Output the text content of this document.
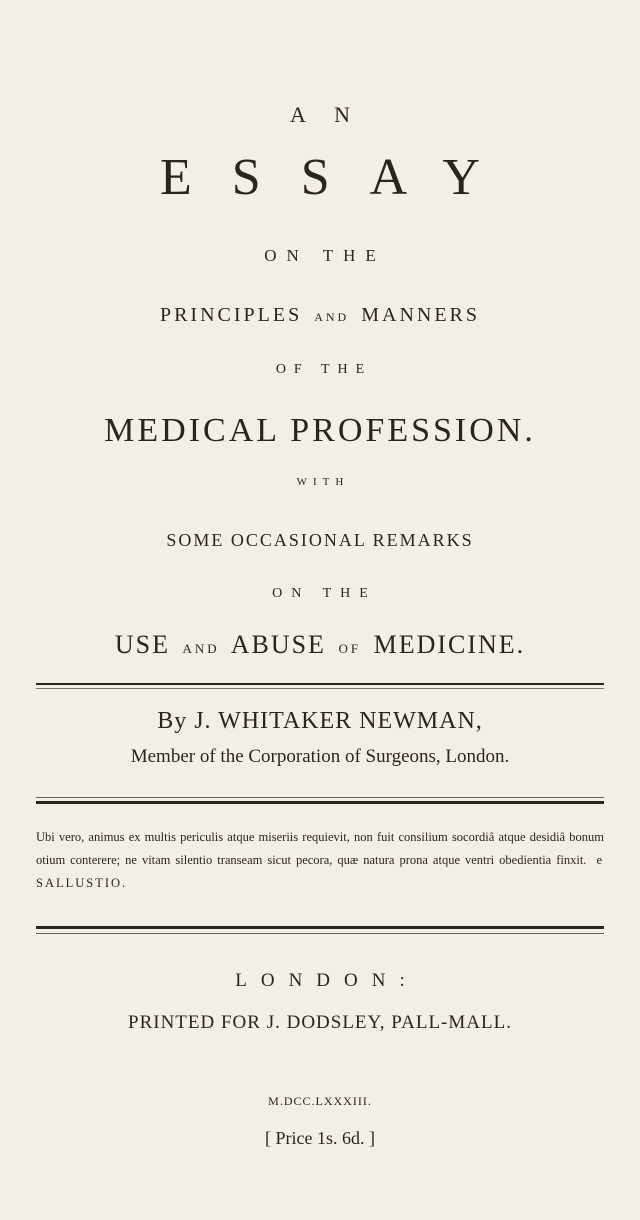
A N
ESSAY
ON THE
PRINCIPLES AND MANNERS
OF THE
MEDICAL PROFESSION.
WITH
SOME OCCASIONAL REMARKS
ON THE
USE AND ABUSE OF MEDICINE.
By J. WHITAKER NEWMAN,
Member of the Corporation of Surgeons, London.
Ubi vero, animus ex multis periculis atque miseriis requievit, non fuit consilium socordiâ atque desidiâ bonum otium conterere; ne vitam silentio transeam sicut pecora, quæ natura prona atque ventri obedientia finxit. e SALLUSTIO.
LONDON:
PRINTED FOR J. DODSLEY, PALL-MALL.
M.DCC.LXXXIII.
[ Price 1s. 6d. ]
